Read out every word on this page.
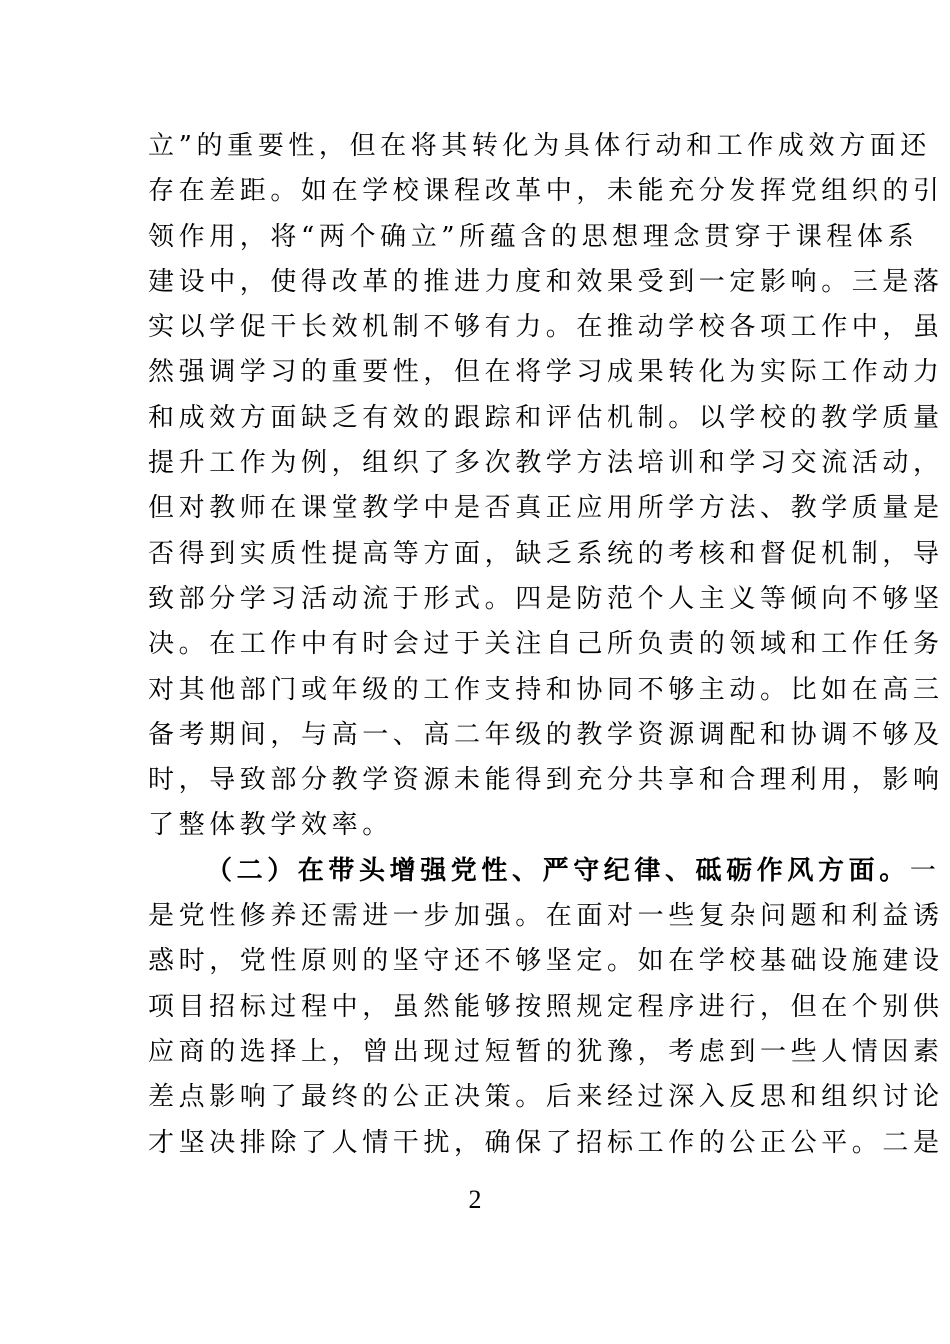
立”的重要性，但在将其转化为具体行动和工作成效方面还
存在差距。如在学校课程改革中，未能充分发挥党组织的引
领作用，将“两个确立”所蕴含的思想理念贯穿于课程体系
建设中，使得改革的推进力度和效果受到一定影响。三是落
实以学促干长效机制不够有力。在推动学校各项工作中，虽
然强调学习的重要性，但在将学习成果转化为实际工作动力
和成效方面缺乏有效的跟踪和评估机制。以学校的教学质量
提升工作为例，组织了多次教学方法培训和学习交流活动，
但对教师在课堂教学中是否真正应用所学方法、教学质量是
否得到实质性提高等方面，缺乏系统的考核和督促机制，导
致部分学习活动流于形式。四是防范个人主义等倾向不够坚
决。在工作中有时会过于关注自己所负责的领域和工作任务
对其他部门或年级的工作支持和协同不够主动。比如在高三
备考期间，与高一、高二年级的教学资源调配和协调不够及
时，导致部分教学资源未能得到充分共享和合理利用，影响
了整体教学效率。
（二）在带头增强党性、严守纪律、砥砺作风方面。一
是党性修养还需进一步加强。在面对一些复杂问题和利益诱
惑时，党性原则的坚守还不够坚定。如在学校基础设施建设
项目招标过程中，虽然能够按照规定程序进行，但在个别供
应商的选择上，曾出现过短暂的犹豫，考虑到一些人情因素
差点影响了最终的公正决策。后来经过深入反思和组织讨论
才坚决排除了人情干扰，确保了招标工作的公正公平。二是
2
